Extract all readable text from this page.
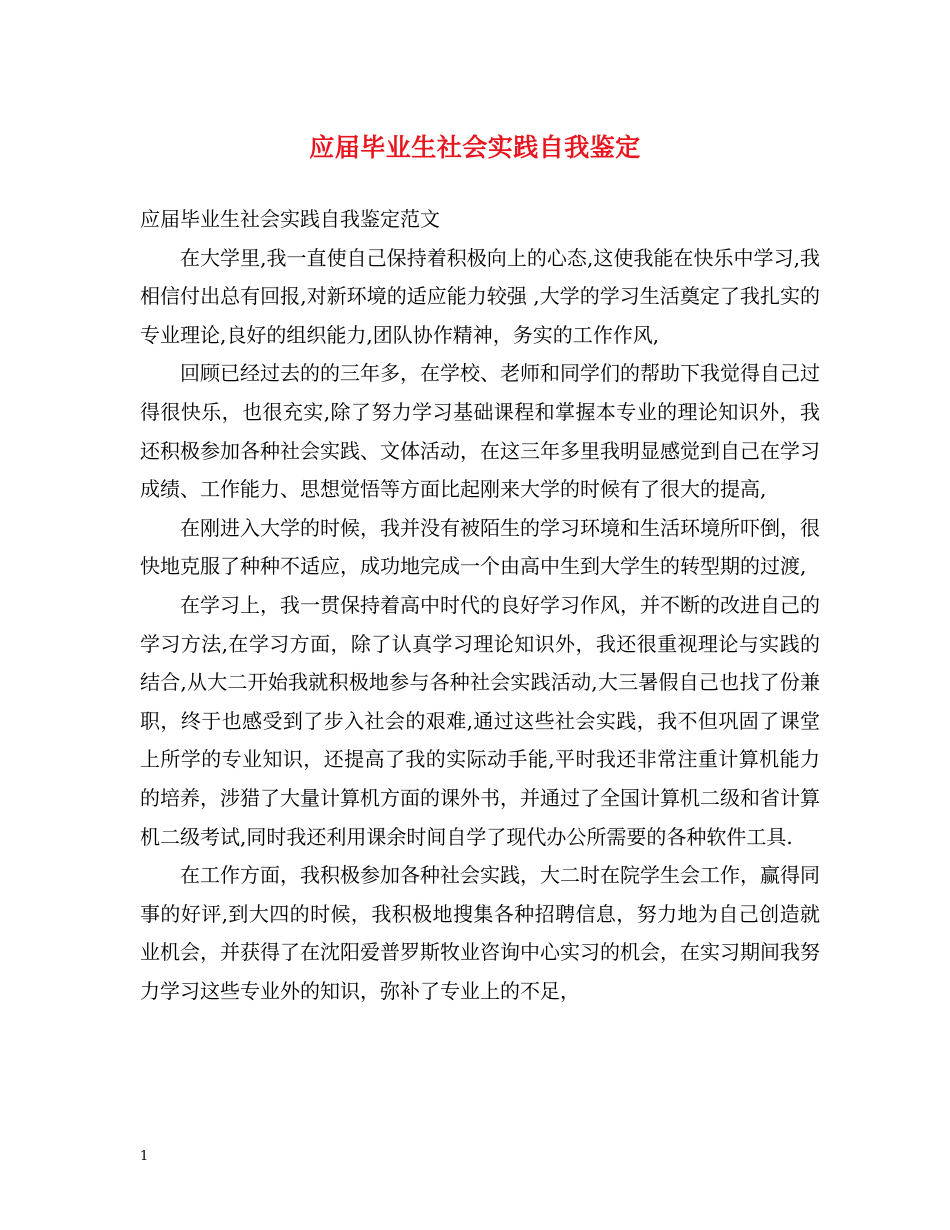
应届毕业生社会实践自我鉴定

应届毕业生社会实践自我鉴定范文

在大学里,我一直使自己保持着积极向上的心态,这使我能在快乐中学习,我相信付出总有回报,对新环境的适应能力较强 ,大学的学习生活奠定了我扎实的专业理论,良好的组织能力,团队协作精神，务实的工作作风,

回顾已经过去的的三年多，在学校、老师和同学们的帮助下我觉得自己过得很快乐，也很充实,除了努力学习基础课程和掌握本专业的理论知识外，我还积极参加各种社会实践、文体活动，在这三年多里我明显感觉到自己在学习成绩、工作能力、思想觉悟等方面比起刚来大学的时候有了很大的提高,

在刚进入大学的时候，我并没有被陌生的学习环境和生活环境所吓倒，很快地克服了种种不适应，成功地完成一个由高中生到大学生的转型期的过渡,

在学习上，我一贯保持着高中时代的良好学习作风，并不断的改进自己的学习方法,在学习方面，除了认真学习理论知识外，我还很重视理论与实践的结合,从大二开始我就积极地参与各种社会实践活动,大三暑假自己也找了份兼职，终于也感受到了步入社会的艰难,通过这些社会实践，我不但巩固了课堂上所学的专业知识，还提高了我的实际动手能,平时我还非常注重计算机能力的培养，涉猎了大量计算机方面的课外书，并通过了全国计算机二级和省计算机二级考试,同时我还利用课余时间自学了现代办公所需要的各种软件工具.

在工作方面，我积极参加各种社会实践，大二时在院学生会工作，赢得同事的好评,到大四的时候，我积极地搜集各种招聘信息，努力地为自己创造就业机会，并获得了在沈阳爱普罗斯牧业咨询中心实习的机会，在实习期间我努力学习这些专业外的知识，弥补了专业上的不足，

1
